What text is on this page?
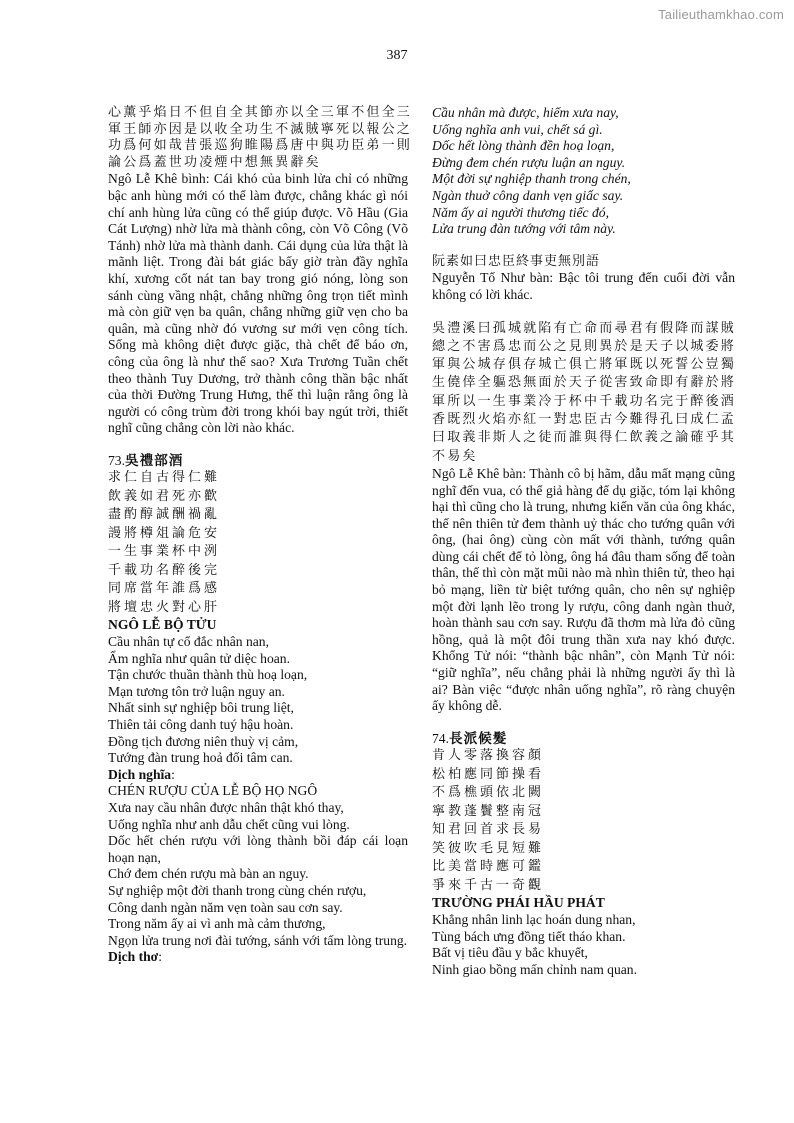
Tailieuthamkhao.com
387
心薰乎焰日不但自全其節亦以全三軍不但全三
軍王師亦因是以收全功生不滅賊寧死以報公之
功爲何如哉昔張巡狗睢陽爲唐中與功臣弟一則
論公爲蓋世功凌煙中想無異辭矣

Ngô Lễ Khê bình: Cái khó của binh lửa chỉ có những bậc anh hùng mới có thể làm được, chẳng khác gì nói chí anh hùng lửa cũng có thể giúp được. Võ Hầu (Gia Cát Lượng) nhờ lửa mà thành công, còn Võ Công (Võ Tánh) nhờ lửa mà thành danh. Cái dụng của lửa thật là mãnh liệt. Trong đài bát giác bấy giờ tràn đầy nghĩa khí, xương cốt nát tan bay trong gió nóng, lòng son sánh cùng vầng nhật, chẳng những ông trọn tiết mình mà còn giữ vẹn ba quân, chẳng những giữ vẹn cho ba quân, mà cũng nhờ đó vương sư mới vẹn công tích. Sống mà không diệt được giặc, thà chết để báo ơn, công của ông là như thế sao? Xưa Trương Tuần chết theo thành Tuy Dương, trở thành công thần bậc nhất của thời Đường Trung Hưng, thế thì luận rằng ông là người có công trùm đời trong khói bay ngút trời, thiết nghĩ cũng chẳng còn lời nào khác.

73.吳禮部酒
求仁自古得仁難
飲義如君死亦歡
盡酌醇誠酬禍亂
謾將樽俎論危安
一生事業杯中洌
千載功名醉後完
同席當年誰爲感
將壇忠火對心肝
NGÔ LỄ BỘ TỬU
Cầu nhân tự cổ đắc nhân nan,
Ẩm nghĩa như quân tử diệc hoan.
Tận chước thuần thành thù hoạ loạn,
Mạn tương tôn trở luận nguy an.
Nhất sinh sự nghiệp bôi trung liệt,
Thiên tải công danh tuý hậu hoàn.
Đồng tịch đương niên thuỳ vị cảm,
Tướng đàn trung hoả đối tâm can.
Dịch nghĩa:
CHÉN RƯỢU CỦA LỄ BỘ HỌ NGÔ
Xưa nay cầu nhân được nhân thật khó thay,
Uống nghĩa như anh dẫu chết cũng vui lòng.
Dốc hết chén rượu với lòng thành bồi đáp cái loạn hoạn nạn,
Chớ đem chén rượu mà bàn an nguy.
Sự nghiệp một đời thanh trong cùng chén rượu,
Công danh ngàn năm vẹn toàn sau cơn say.
Trong năm ấy ai vì anh mà cảm thương,
Ngọn lửa trung nơi đài tướng, sánh với tấm lòng trung.
Dịch thơ:
Cầu nhân mà được, hiếm xưa nay,
Uống nghĩa anh vui, chết sá gì.
Dốc hết lòng thành đền hoạ loạn,
Đừng đem chén rượu luận an nguy.
Một đời sự nghiệp thanh trong chén,
Ngàn thuở công danh vẹn giấc say.
Năm ấy ai người thương tiếc đó,
Lửa trung đàn tướng với tâm này.
阮素如曰忠臣終事吏無別語

Nguyễn Tố Như bàn: Bậc tôi trung đến cuối đời vẫn không có lời khác.

吳澧溪曰孤城就陷有亡命而尋君有假降而謀賊
總之不害爲忠而公之見則異於是天子以城委將
軍與公城存俱存城亡俱亡將軍既以死誓公豈獨
生僥倖全軀恐無面於天子從害致命即有辭於將
軍所以一生事業冷于杯中千載功名完于醉後酒
香既烈火焰亦紅一對忠臣古今難得孔曰成仁孟
曰取義非斯人之徒而誰與得仁飲義之論確乎其
不易矣

Ngô Lễ Khê bàn: Thành cô bị hãm, dẫu mất mạng cũng nghĩ đến vua, có thể giả hàng để dụ giặc, tóm lại không hại thì cũng cho là trung, nhưng kiến văn của ông khác, thế nên thiên tử đem thành uỷ thác cho tướng quân với ông, (hai ông) cùng còn mất với thành, tướng quân dùng cái chết để tỏ lòng, ông há đâu tham sống để toàn thân, thế thì còn mặt mũi nào mà nhìn thiên tử, theo hại bỏ mạng, liền từ biệt tướng quân, cho nên sự nghiệp một đời lạnh lẽo trong ly rượu, công danh ngàn thuở, hoàn thành sau cơn say. Rượu đã thơm mà lửa đỏ cũng hồng, quả là một đôi trung thần xưa nay khó được. Khổng Tử nói: “thành bậc nhân”, còn Mạnh Tử nói: “giữ nghĩa”, nếu chẳng phải là những người ấy thì là ai? Bàn việc “được nhân uống nghĩa”, rõ ràng chuyện ấy không dễ.

74.長派候髮
肯人零落換容顏
松柏應同節操看
不爲樵頭依北闕
寧教蓬鬢整南冠
知君回首求長易
笑彼吹毛見短難
比美當時應可鑑
爭來千古一奇觀
TRƯỜNG PHÁI HẦU PHÁT
Khẳng nhân linh lạc hoán dung nhan,
Tùng bách ưng đồng tiết tháo khan.
Bất vị tiêu đầu y bắc khuyết,
Ninh giao bồng mấn chỉnh nam quan.
